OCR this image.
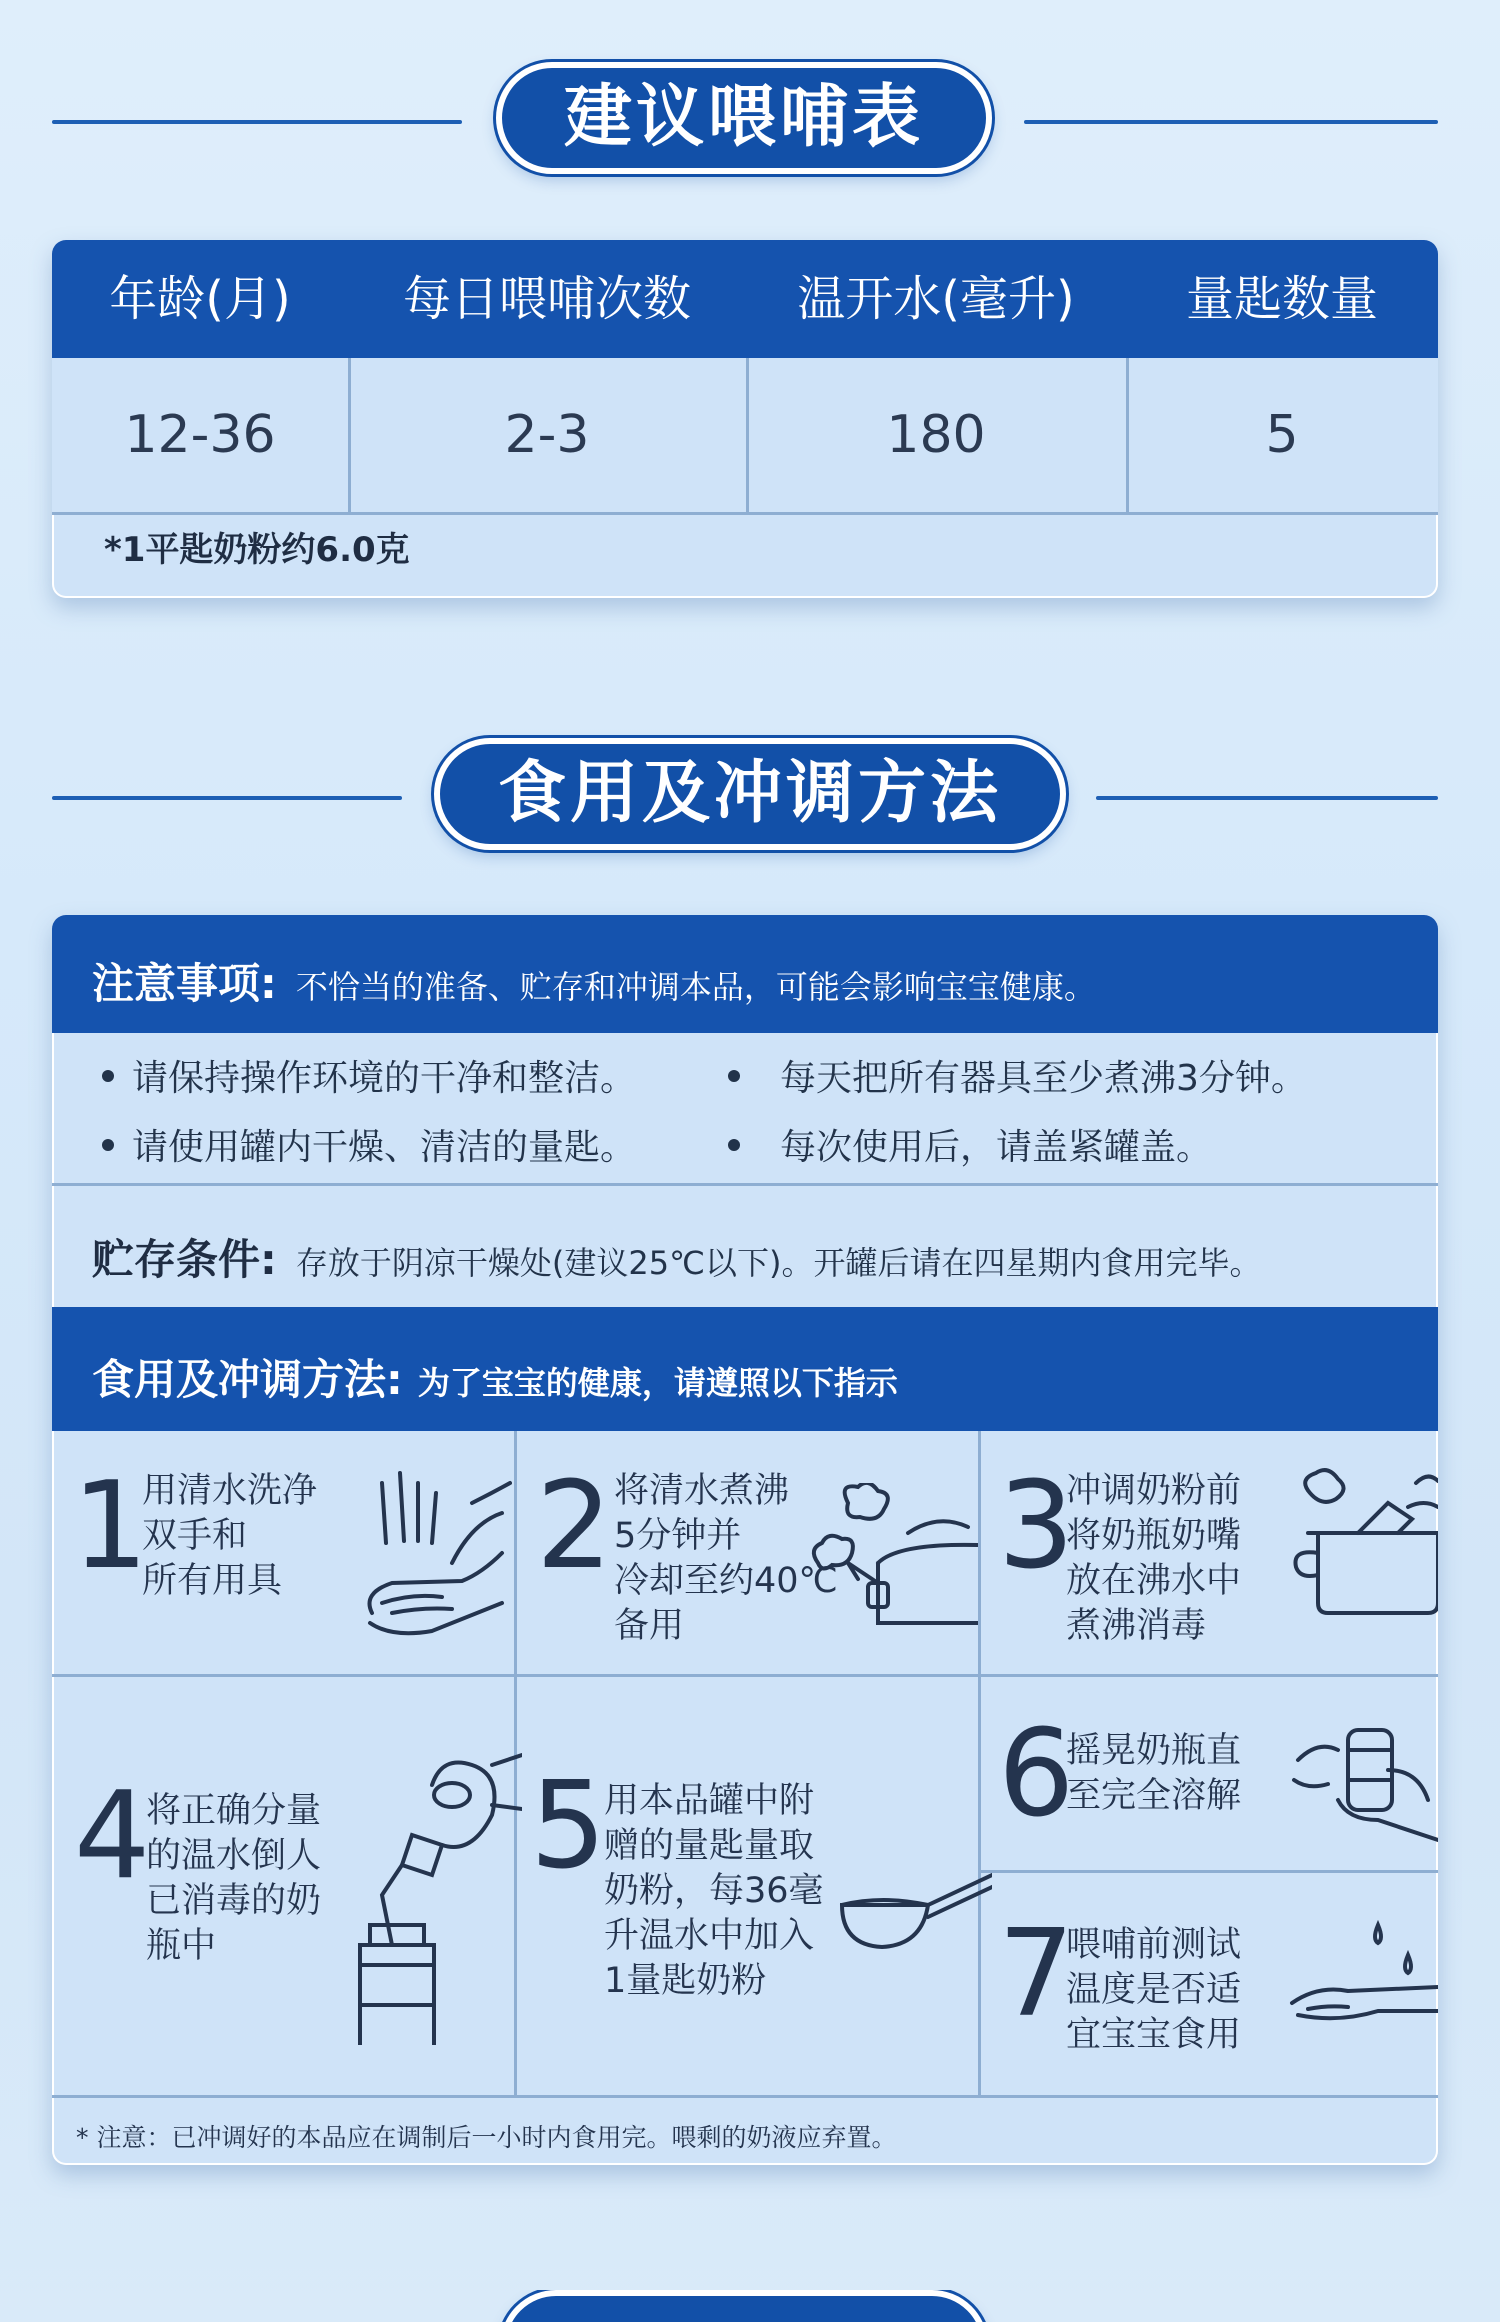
建议喂哺表
年龄(月)	每日喂哺次数	温开水(毫升)	量匙数量
12-36	2-3	180	5
*1平匙奶粉约6.0克
食用及冲调方法
注意事项: 不恰当的准备、贮存和冲调本品，可能会影响宝宝健康。
请保持操作环境的干净和整洁。	每天把所有器具至少煮沸3分钟。
请使用罐内干燥、清洁的量匙。	每次使用后，请盖紧罐盖。
贮存条件: 存放于阴凉干燥处(建议25℃以下)。开罐后请在四星期内食用完毕。
食用及冲调方法: 为了宝宝的健康，请遵照以下指示
1
用清水洗净
双手和
所有用具 2 将清水煮沸
5分钟并
冷却至约40℃
备用
3
冲调奶粉前
将奶瓶奶嘴
放在沸水中
煮沸消毒
4
将正确分量
的温水倒人
已消毒的奶
瓶中
5
用本品罐中附
赠的量匙量取
奶粉，每36毫
升温水中加入
1量匙奶粉
6
摇晃奶瓶直
至完全溶解
7
喂哺前测试
温度是否适
宜宝宝食用
* 注意：已冲调好的本品应在调制后一小时内食用完。喂剩的奶液应弃置。
